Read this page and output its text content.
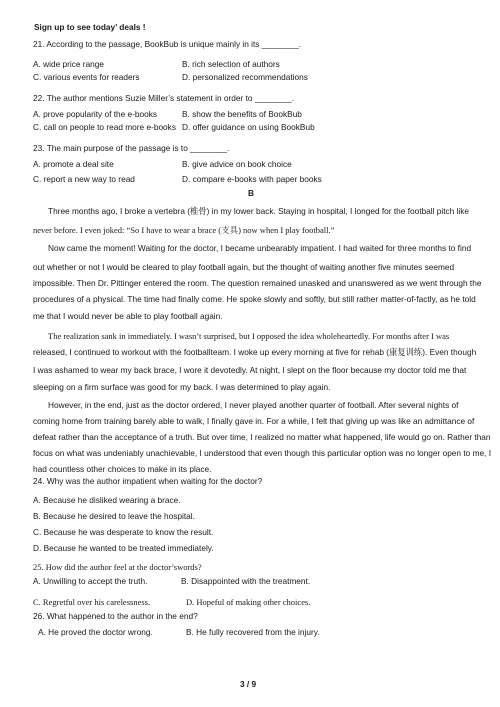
Sign up to see today’ deals !
21. According to the passage, BookBub is unique mainly in its ________.
A. wide price range	B. rich selection of authors
C. various events for readers	D. personalized recommendations
22. The author mentions Suzie Miller’s statement in order to ________.
A. prove popularity of the e-books	B. show the benefits of BookBub
C. call on people to read more e-books D. offer guidance on using BookBub
23. The main purpose of the passage is to ________.
A. promote a deal site	B. give advice on book choice
C. report a new way to read	D. compare e-books with paper books
B
Three months ago, I broke a vertebra (椎骨) in my lower back. Staying in hospital, I longed for the football pitch like
never before. I even joked: “So I have to wear a brace (支具) now when I play football.”
Now came the moment! Waiting for the doctor, I became unbearably impatient. I had waited for three months to find
out whether or not I would be cleared to play football again, but the thought of waiting another five minutes seemed
impossible. Then Dr. Pittinger entered the room. The question remained unasked and unanswered as we went through the
procedures of a physical. The time had finally come. He spoke slowly and softly, but still rather matter-of-factly, as he told
me that I would never be able to play football again.
The realization sank in immediately. I wasn’t surprised, but I opposed the idea wholeheartedly. For months after I was
released, I continued to workout with the footballteam. I woke up every morning at five for rehab (康复训练). Even though
I was ashamed to wear my back brace, I wore it devotedly. At night, I slept on the floor because my doctor told me that
sleeping on a firm surface was good for my back. I was determined to play again.
However, in the end, just as the doctor ordered, I never played another quarter of football. After several nights of
coming home from training barely able to walk, I finally gave in. For a while, I felt that giving up was like an admittance of
defeat rather than the acceptance of a truth. But over time, I realized no matter what happened, life would go on. Rather than
focus on what was undeniably unachievable, I understood that even though this particular option was no longer open to me, I
had countless other choices to make in its place.
24. Why was the author impatient when waiting for the doctor?
A. Because he disliked wearing a brace.
B. Because he desired to leave the hospital.
C. Because he was desperate to know the result.
D. Because he wanted to be treated immediately.
25. How did the author feel at the doctor’swords?
A. Unwilling to accept the truth.	B. Disappointed with the treatment.
C. Regretful over his carelessness.	D. Hopeful of making other choices.
26. What happened to the author in the end?
A. He proved the doctor wrong.	B. He fully recovered from the injury.
3 / 9
